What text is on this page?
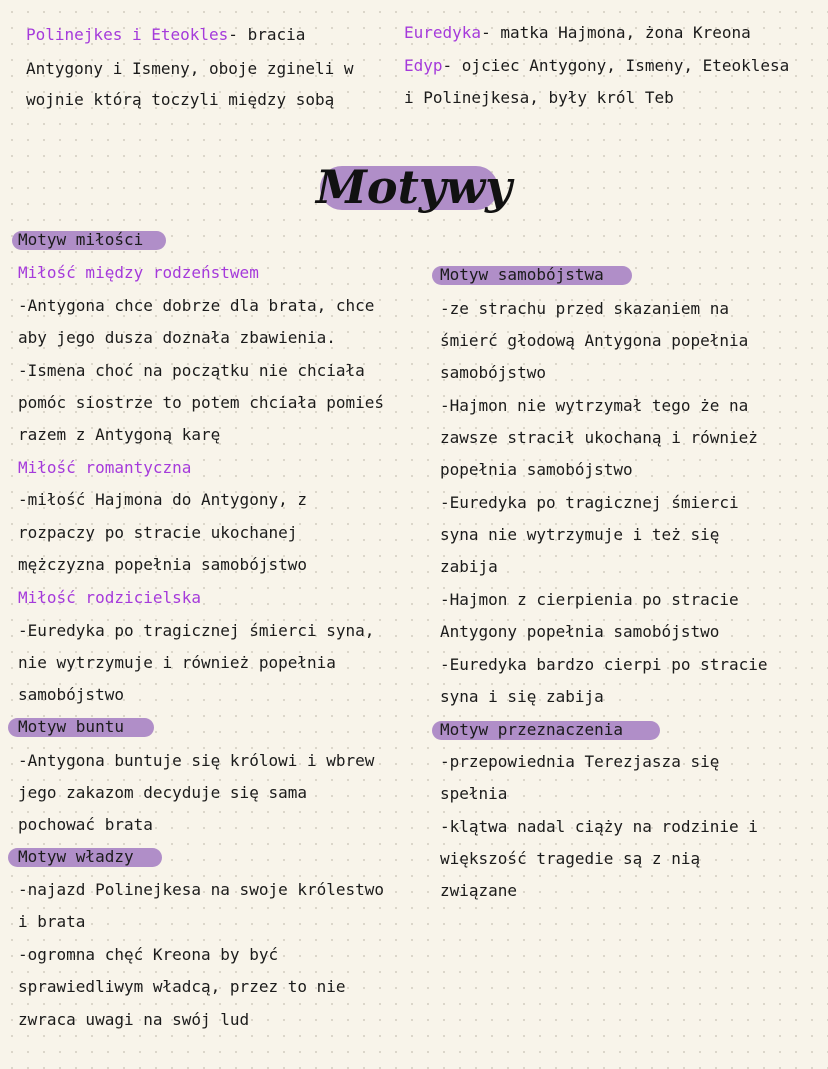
Polinejkes i Eteokles- bracia
Antygony i Ismeny, oboje zgineli w
wojnie którą toczyli między sobą
Euredyka- matka Hajmona, żona Kreona
Edyp- ojciec Antygony, Ismeny, Eteoklesa
i Polinejkesa, były król Teb
Motywy
Motyw miłości
Miłość między rodzeństwem
-Antygona chce dobrze dla brata, chce
aby jego dusza doznała zbawienia.
-Ismena choć na początku nie chciała
pomóc siostrze to potem chciała pomieś
razem z Antygoną karę
Miłość romantyczna
-miłość Hajmona do Antygony, z
rozpaczy po stracie ukochanej
mężczyzna popełnia samobójstwo
Miłość rodzicielska
-Euredyka po tragicznej śmierci syna,
nie wytrzymuje i również popełnia
samobójstwo
Motyw buntu
-Antygona buntuje się królowi i wbrew
jego zakazom decyduje się sama
pochować brata
Motyw władzy
-najazd Polinejkesa na swoje królestwo
i brata
-ogromna chęć Kreona by być
sprawiedliwym władcą, przez to nie
zwraca uwagi na swój lud
Motyw samobójstwa
-ze strachu przed skazaniem na
śmierć głodową Antygona popełnia
samobójstwo
-Hajmon nie wytrzymał tego że na
zawsze stracił ukochaną i również
popełnia samobójstwo
-Euredyka po tragicznej śmierci
syna nie wytrzymuje i też się
zabija
-Hajmon z cierpienia po stracie
Antygony popełnia samobójstwo
-Euredyka bardzo cierpi po stracie
syna i się zabija
Motyw przeznaczenia
-przepowiednia Terezjasza się
spełnia
-klątwa nadal ciąży na rodzinie i
większość tragedie są z nią
związane
